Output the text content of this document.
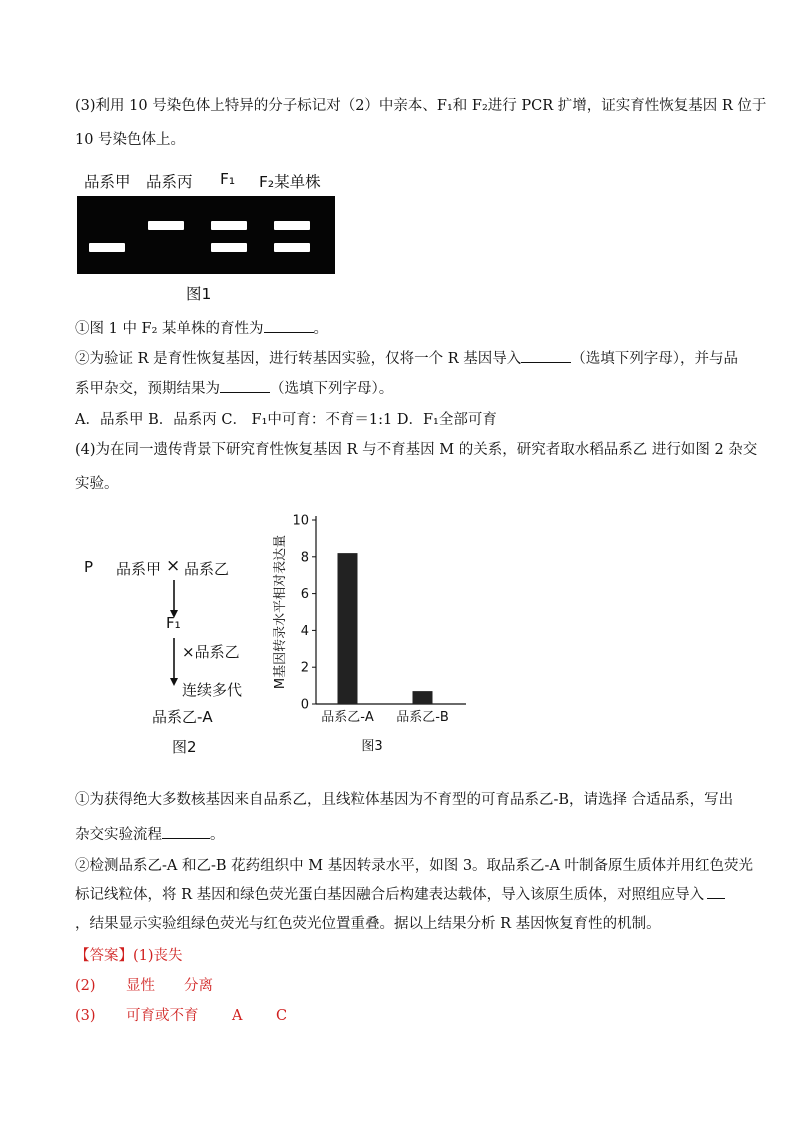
(3)利用 10 号染色体上特异的分子标记对（2）中亲本、F₁和 F₂进行 PCR 扩增，证实育性恢复基因 R 位于
10 号染色体上。
品系甲 品系丙 F₁ F₂某单株
图1
①图 1 中 F₂ 某单株的育性为	。
②为验证 R 是育性恢复基因，进行转基因实验，仅将一个 R 基因导入	（选填下列字母），并与品
系甲杂交，预期结果为	（选填下列字母）。
A．品系甲 B．品系丙 C． F₁中可育：不育＝1:1 D．F₁全部可育
(4)为在同一遗传背景下研究育性恢复基因 R 与不育基因 M 的关系，研究者取水稻品系乙 进行如图 2 杂交
实验。
P 品系甲 × 品系乙
F₁
×品系乙
连续多代
品系乙-A
图2
0
2
4
6
8
10
M基因转录水平相对表达量
品系乙-A 品系乙-B
图3
①为获得绝大多数核基因来自品系乙，且线粒体基因为不育型的可育品系乙-B，请选择 合适品系，写出
杂交实验流程	。
②检测品系乙-A 和乙-B 花药组织中 M 基因转录水平，如图 3。取品系乙-A 叶制备原生质体并用红色荧光
标记线粒体，将 R 基因和绿色荧光蛋白基因融合后构建表达载体，导入该原生质体，对照组应导入
，结果显示实验组绿色荧光与红色荧光位置重叠。据以上结果分析 R 基因恢复育性的机制。
【答案】(1)丧失
(2) 显性 分离
(3) 可育或不育 A C
